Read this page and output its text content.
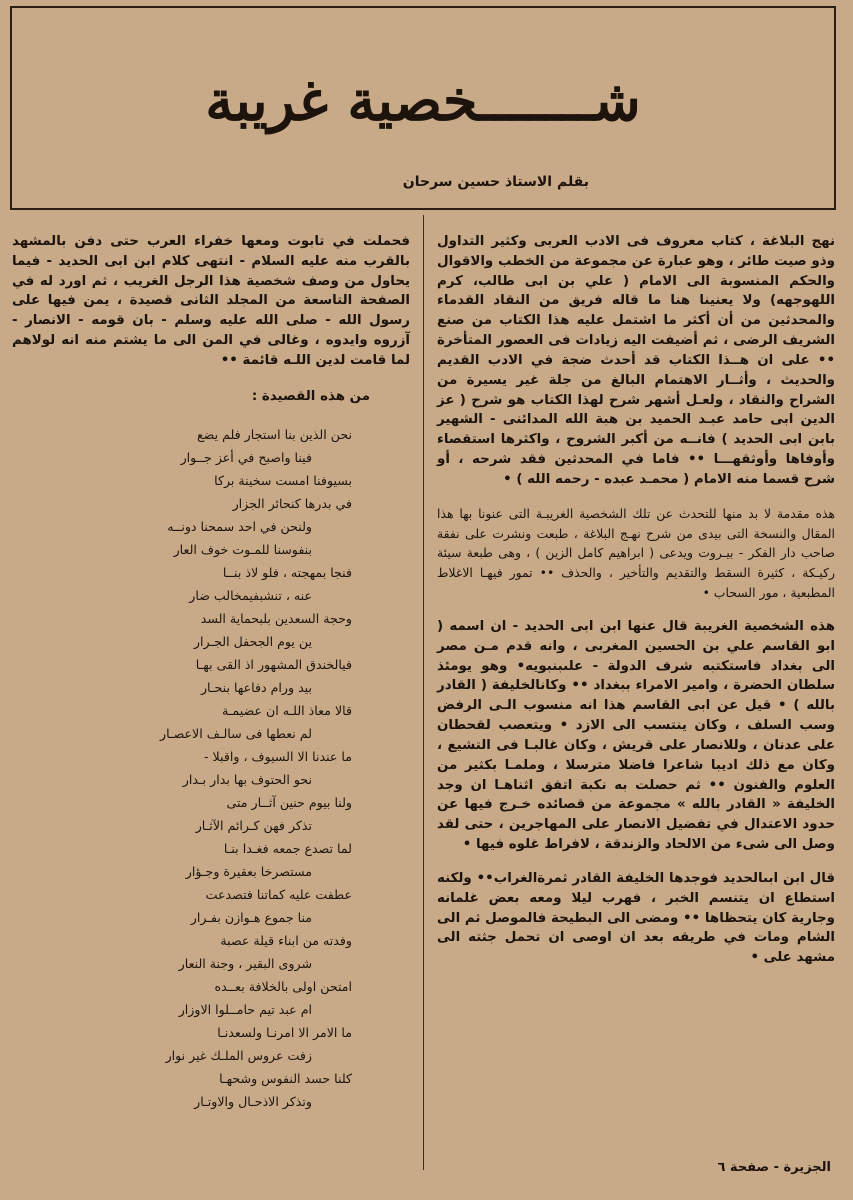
شـــــــخصية غريبة
بقلم الاستاذ حسين سرحان

نهج البلاغة ، كتاب معروف فى الادب العربى وكثير التداول وذو صيت طائر ، وهو عبارة عن مجموعة من الخطب والاقوال والحكم المنسوبة الى الامام ( علي بن ابى طالب، كرم اللهوجهه) ولا يعنينا هنا ما قاله فريق من النقاد القدماء والمحدثين من أن أكثر ما اشتمل عليه هذا الكتاب من صنع الشريف الرضى ، ثم أضيفت اليه زيادات فى العصور المتأخرة •• على ان هــذا الكتاب قد أحدث ضجة في الادب القديم والحديث ، وأثــار الاهتمام البالغ من جلة غير يسيرة من الشراح والنقاد ، ولعـل أشهر شرح لهذا الكتاب هو شرح ( عز الدين ابى حامد عبـد الحميد بن هبة الله المدائنى - الشهير بابن ابى الحديد ) فانــه من أكبر الشروح ، واكثرها استقصاء وأوفاها وأوثقهـــا •• فاما في المحدثين فقد شرحه ، أو شرح قسما منه الامام ( محمـد عبده - رحمه الله ) •

هذه مقدمة لا بد منها للتحدث عن تلك الشخصية الغريبـة التى عنونا بها هذا المقال والنسخة التى بيدى من شرح نهـج البلاغة ، طبعت ونشرت على نفقة صاحب دار الفكر - بيـروت ويدعى ( ابراهيم كامل الزين ) ، وهى طبعة سيئة ركيـكة ، كثيرة السقط والتقديم والتأخير ، والحذف •• تمور فيهـا الاغلاط المطبعية ، مور السحاب •

هذه الشخصية الغريبة قال عنها ابن ابى الحديد - ان اسمه ( ابو القاسم علي بن الحسين المغربى ، وانه قدم مـن مصر الى بغداد فاستكتبه شرف الدولة - علىبنبويه• وهو يومئذ سلطان الحضرة ، وامير الامراء ببغداد •• وكانالخليفة ( القادر بالله ) • قيل عن ابى القاسم هذا انه منسوب الـى الرفض وسب السلف ، وكان ينتسب الى الازد • ويتعصب لقحطان على عدنان ، وللانصار على قريش ، وكان غالبـا فى التشيع ، وكان مع ذلك اديبا شاعرا فاضلا مترسلا ، وملمـا بكثير من العلوم والفنون •• ثم حصلت به نكبة اتفق اثناهـا ان وجد الخليفة « القادر بالله » مجموعة من قصائده خـرج فيها عن حدود الاعتدال في تفضيل الانصار على المهاجرين ، حتى لقد وصل الى شىء من الالحاد والزندقة ، لافراط غلوه فيها •

قال ابن ابىالحديد فوجدها الخليفة القادر ثمرةالغراب•• ولكنه استطاع ان يتنسم الخبر ، فهرب ليلا ومعه بعض غلمانه وجارية كان يتحظاها •• ومضى الى البطيحة فالموصل ثم الى الشام ومات في طريقه بعد ان اوصى ان تحمل جثته الى مشهد على •

فحملت في تابوت ومعها خفراء العرب حتى دفن بالمشهد بالقرب منه عليه السلام - انتهى كلام ابن ابى الحديد - فيما يحاول من وصف شخصية هذا الرجل الغريب ، ثم اورد له في الصفحة التاسعة من المجلد الثانى قصيدة ، يمن فيها على رسول الله - صلى الله عليه وسلم - بان قومه - الانصار - آزروه وايدوه ، وغالى في المن الى ما يشتم منه انه لولاهم لما قامت لدين اللـه قائمة ••

من هذه القصيدة :

نحن الذين بنا استجار فلم يضع
فينا واصبح في أعز جــوار
بسيوفنا امست سخينة بركا
في بدرها كنحائر الجزار
ولنحن في احد سمحنا دونــه
بنفوسنا للمـوت خوف العار
فنجا بمهجته ، فلو لاذ بنــا
عنه ، تنشبفيمخالب ضار
وحجة السعدين بلبحماية السد
ين يوم الجحفل الجـرار
فيالخندق المشهور اذ القى بهـا
بيد ورام دفاعها بنحـار
قالا معاذ اللـه ان عضيمـة
لم نعطها فى سالـف الاعصـار
ما عندنا الا السيوف ، واقبلا -
نحو الحتوف بها بدار بـدار
ولنا بيوم حنين آثــار متى
تذكر فهن كـرائم الآثـار
لما تصدع جمعه فغـدا بنـا
مستصرخا بعقيرة وجـؤار
عطفت عليه كماتنا فتصدعت
منا جموع هـوازن بفـرار
وفدته من ابناء قيلة عصبة
شروى البقير ، وجنة النعار
امتحن اولى بالخلافة بعــده
ام عبد تيم حامــلوا الاوزار
ما الامر الا امرنـا ولسعدنـا
زفت عروس الملـك غير نوار
كلنا حسد النفوس وشحهـا
وتذكر الاذحـال والاوتـار
الجزيرة - صفحة ٦
